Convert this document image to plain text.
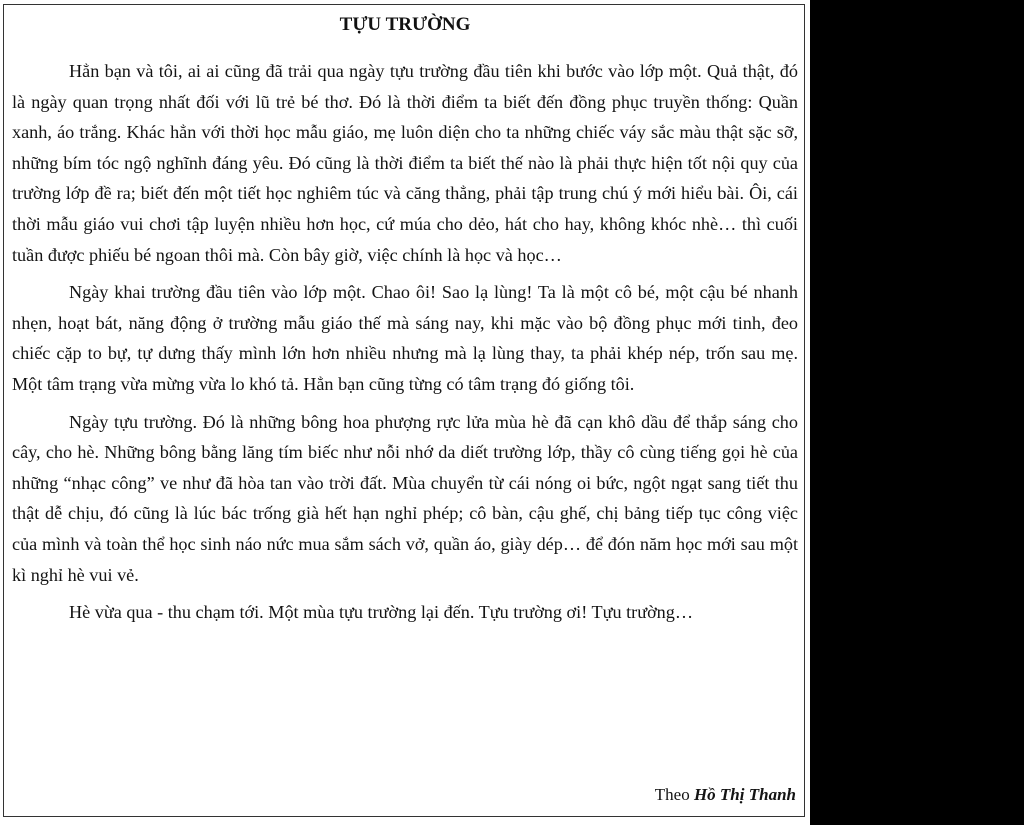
TỰU TRƯỜNG

Hẳn bạn và tôi, ai ai cũng đã trải qua ngày tựu trường đầu tiên khi bước vào lớp một. Quả thật, đó là ngày quan trọng nhất đối với lũ trẻ bé thơ. Đó là thời điểm ta biết đến đồng phục truyền thống: Quần xanh, áo trắng. Khác hẳn với thời học mẫu giáo, mẹ luôn diện cho ta những chiếc váy sắc màu thật sặc sỡ, những bím tóc ngộ nghĩnh đáng yêu. Đó cũng là thời điểm ta biết thế nào là phải thực hiện tốt nội quy của trường lớp đề ra; biết đến một tiết học nghiêm túc và căng thẳng, phải tập trung chú ý mới hiểu bài. Ôi, cái thời mẫu giáo vui chơi tập luyện nhiều hơn học, cứ múa cho dẻo, hát cho hay, không khóc nhè… thì cuối tuần được phiếu bé ngoan thôi mà. Còn bây giờ, việc chính là học và học…

Ngày khai trường đầu tiên vào lớp một. Chao ôi! Sao lạ lùng! Ta là một cô bé, một cậu bé nhanh nhẹn, hoạt bát, năng động ở trường mẫu giáo thế mà sáng nay, khi mặc vào bộ đồng phục mới tinh, đeo chiếc cặp to bự, tự dưng thấy mình lớn hơn nhiều nhưng mà lạ lùng thay, ta phải khép nép, trốn sau mẹ. Một tâm trạng vừa mừng vừa lo khó tả. Hẳn bạn cũng từng có tâm trạng đó giống tôi.

Ngày tựu trường. Đó là những bông hoa phượng rực lửa mùa hè đã cạn khô dầu để thắp sáng cho cây, cho hè. Những bông bằng lăng tím biếc như nỗi nhớ da diết trường lớp, thầy cô cùng tiếng gọi hè của những “nhạc công” ve như đã hòa tan vào trời đất. Mùa chuyển từ cái nóng oi bức, ngột ngạt sang tiết thu thật dễ chịu, đó cũng là lúc bác trống già hết hạn nghỉ phép; cô bàn, cậu ghế, chị bảng tiếp tục công việc của mình và toàn thể học sinh náo nức mua sắm sách vở, quần áo, giày dép… để đón năm học mới sau một kì nghỉ hè vui vẻ.

Hè vừa qua - thu chạm tới. Một mùa tựu trường lại đến. Tựu trường ơi! Tựu trường…

Theo Hồ Thị Thanh
